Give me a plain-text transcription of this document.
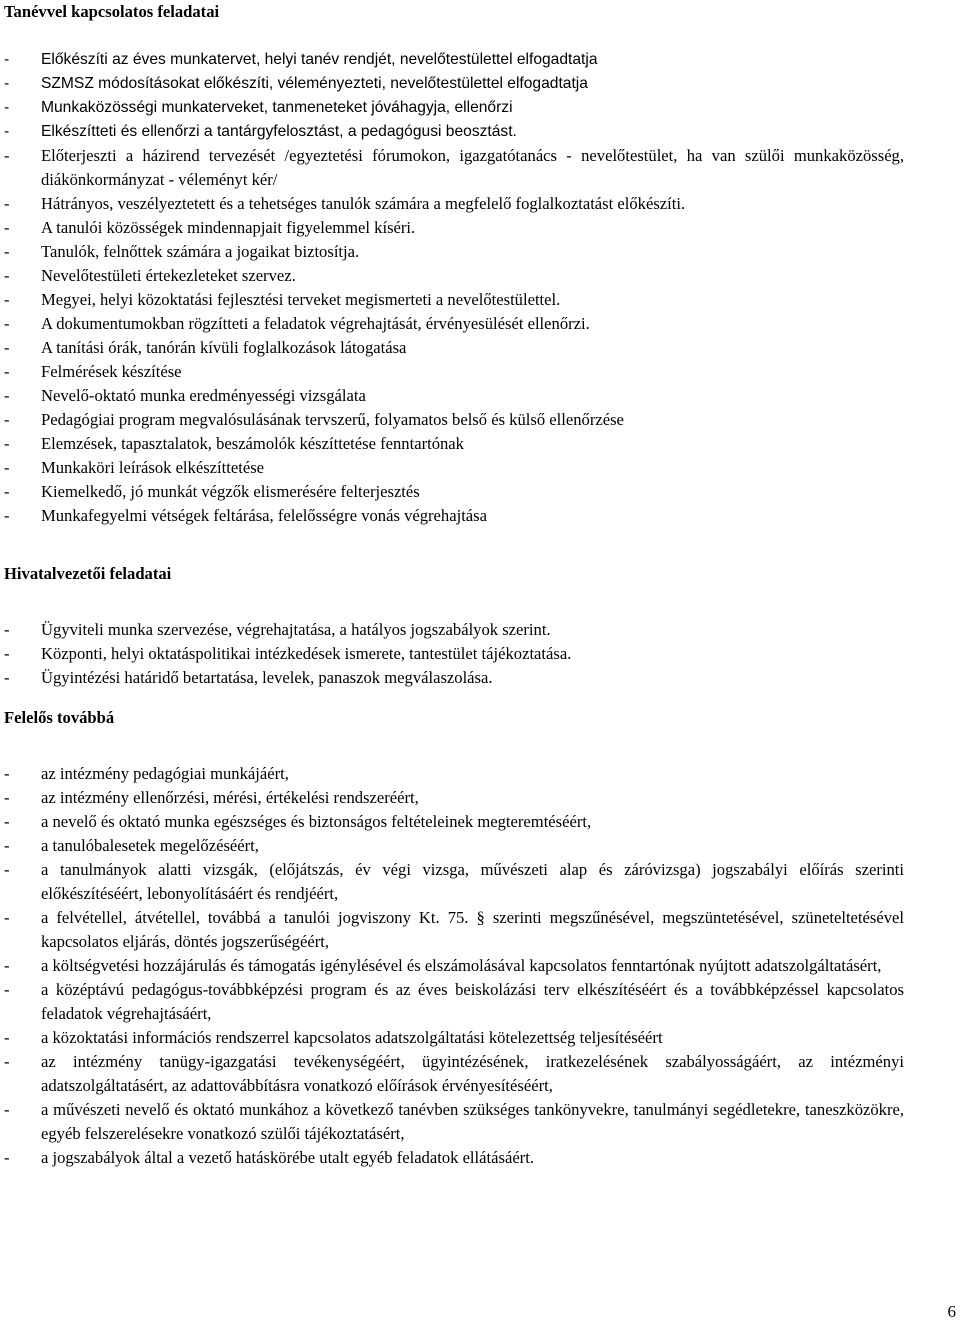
Tanévvel kapcsolatos feladatai

- Előkészíti az éves munkatervet, helyi tanév rendjét, nevelőtestülettel elfogadtatja
- SZMSZ módosításokat előkészíti, véleményezteti, nevelőtestülettel elfogadtatja
- Munkaközösségi munkaterveket, tanmeneteket jóváhagyja, ellenőrzi
- Elkészítteti és ellenőrzi a tantárgyfelosztást, a pedagógusi beosztást.
- Előterjeszti a házirend tervezését /egyeztetési fórumokon, igazgatótanács - nevelőtestület, ha van szülői munkaközösség, diákönkormányzat - véleményt kér/
- Hátrányos, veszélyeztetett és a tehetséges tanulók számára a megfelelő foglalkoztatást előkészíti.
- A tanulói közösségek mindennapjait figyelemmel kíséri.
- Tanulók, felnőttek számára a jogaikat biztosítja.
- Nevelőtestületi értekezleteket szervez.
- Megyei, helyi közoktatási fejlesztési terveket megismerteti a nevelőtestülettel.
- A dokumentumokban rögzítteti a feladatok végrehajtását, érvényesülését ellenőrzi.
- A tanítási órák, tanórán kívüli foglalkozások látogatása
- Felmérések készítése
- Nevelő-oktató munka eredményességi vizsgálata
- Pedagógiai program megvalósulásának tervszerű, folyamatos belső és külső ellenőrzése
- Elemzések, tapasztalatok, beszámolók készíttetése fenntartónak
- Munkaköri leírások elkészíttetése
- Kiemelkedő, jó munkát végzők elismerésére felterjesztés
- Munkafegyelmi vétségek feltárása, felelősségre vonás végrehajtása

Hivatalvezetői feladatai

- Ügyviteli munka szervezése, végrehajtatása, a hatályos jogszabályok szerint.
- Központi, helyi oktatáspolitikai intézkedések ismerete, tantestület tájékoztatása.
- Ügyintézési határidő betartatása, levelek, panaszok megválaszolása.

Felelős továbbá

- az intézmény pedagógiai munkájáért,
- az intézmény ellenőrzési, mérési, értékelési rendszeréért,
- a nevelő és oktató munka egészséges és biztonságos feltételeinek megteremtéséért,
- a tanulóbalesetek megelőzéséért,
- a tanulmányok alatti vizsgák, (előjátszás, év végi vizsga, művészeti alap és záróvizsga) jogszabályi előírás szerinti előkészítéséért, lebonyolításáért és rendjéért,
- a felvétellel, átvétellel, továbbá a tanulói jogviszony Kt. 75. § szerinti megszűnésével, megszüntetésével, szüneteltetésével kapcsolatos eljárás, döntés jogszerűségéért,
- a költségvetési hozzájárulás és támogatás igénylésével és elszámolásával kapcsolatos fenntartónak nyújtott adatszolgáltatásért,
- a középtávú pedagógus-továbbképzési program és az éves beiskolázási terv elkészítéséért és a továbbképzéssel kapcsolatos feladatok végrehajtásáért,
- a közoktatási információs rendszerrel kapcsolatos adatszolgáltatási kötelezettség teljesítéséért
- az intézmény tanügy-igazgatási tevékenységéért, ügyintézésének, iratkezelésének szabályosságáért, az intézményi adatszolgáltatásért, az adattovábbításra vonatkozó előírások érvényesítéséért,
- a művészeti nevelő és oktató munkához a következő tanévben szükséges tankönyvekre, tanulmányi segédletekre, taneszközökre, egyéb felszerelésekre vonatkozó szülői tájékoztatásért,
- a jogszabályok által a vezető hatáskörébe utalt egyéb feladatok ellátásáért.
6
